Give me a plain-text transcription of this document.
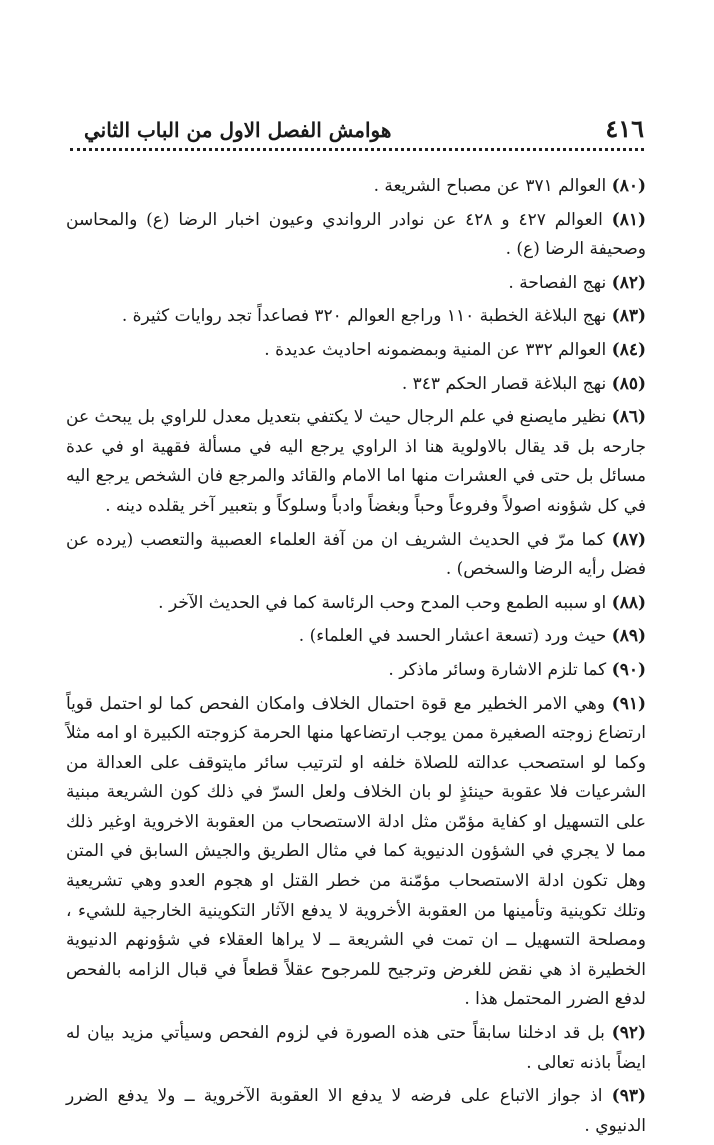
٤١٦
هوامش الفصل الاول من الباب الثاني

(٨٠) العوالم ٣٧١ عن مصباح الشريعة .

(٨١) العوالم ٤٢٧ و ٤٢٨ عن نوادر الرواندي وعيون اخبار الرضا (ع) والمحاسن وصحيفة الرضا (ع) .

(٨٢) نهج الفصاحة .

(٨٣) نهج البلاغة الخطبة ١١٠ وراجع العوالم ٣٢٠ فصاعداً تجد روايات كثيرة .

(٨٤) العوالم ٣٣٢ عن المنية وبمضمونه احاديث عديدة .

(٨٥) نهج البلاغة قصار الحكم ٣٤٣ .

(٨٦) نظير مايصنع في علم الرجال حيث لا يكتفي بتعديل معدل للراوي بل يبحث عن جارحه بل قد يقال بالاولوية هنا اذ الراوي يرجع اليه في مسألة فقهية او في عدة مسائل بل حتى في العشرات منها اما الامام والقائد والمرجع فان الشخص يرجع اليه في كل شؤونه اصولاً وفروعاً وحباً وبغضاً وادباً وسلوكاً و بتعبير آخر يقلده دينه .

(٨٧) كما مرّ في الحديث الشريف ان من آفة العلماء العصبية والتعصب (يرده عن فضل رأيه الرضا والسخص) .

(٨٨) او سببه الطمع وحب المدح وحب الرئاسة كما في الحديث الآخر .

(٨٩) حيث ورد (تسعة اعشار الحسد في العلماء) .

(٩٠) كما تلزم الاشارة وسائر ماذكر .

(٩١) وهي الامر الخطير مع قوة احتمال الخلاف وامكان الفحص كما لو احتمل قوياً ارتضاع زوجته الصغيرة ممن يوجب ارتضاعها منها الحرمة كزوجته الكبيرة او امه مثلاً وكما لو استصحب عدالته للصلاة خلفه او لترتيب سائر مايتوقف على العدالة من الشرعيات فلا عقوبة حينئذٍ لو بان الخلاف ولعل السرّ في ذلك كون الشريعة مبنية على التسهيل او كفاية مؤمّن مثل ادلة الاستصحاب من العقوبة الاخروية اوغير ذلك مما لا يجري في الشؤون الدنيوية كما في مثال الطريق والجيش السابق في المتن وهل تكون ادلة الاستصحاب مؤمّنة من خطر القتل او هجوم العدو وهي تشريعية وتلك تكوينية وتأمينها من العقوبة الأخروية لا يدفع الآثار التكوينية الخارجية للشيء ، ومصلحة التسهيل ــ ان تمت في الشريعة ــ لا يراها العقلاء في شؤونهم الدنيوية الخطيرة اذ هي نقض للغرض وترجيح للمرجوح عقلاً قطعاً في قبال الزامه بالفحص لدفع الضرر المحتمل هذا .

(٩٢) بل قد ادخلنا سابقاً حتى هذه الصورة في لزوم الفحص وسيأتي مزيد بيان له ايضاً باذنه تعالى .

(٩٣) اذ جواز الاتباع على فرضه لا يدفع الا العقوبة الآخروية ــ ولا يدفع الضرر الدنيوي .
